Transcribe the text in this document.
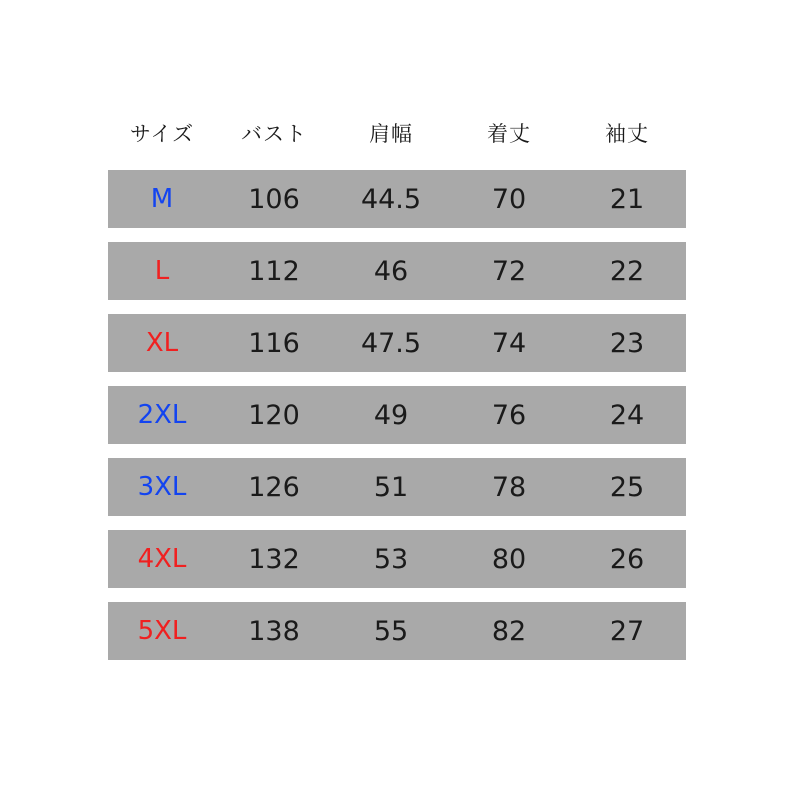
サイズ	バスト	肩幅	着丈	袖丈
M	106	44.5	70	21
L	112	46	72	22
XL	116	47.5	74	23
2XL	120	49	76	24
3XL	126	51	78	25
4XL	132	53	80	26
5XL	138	55	82	27
